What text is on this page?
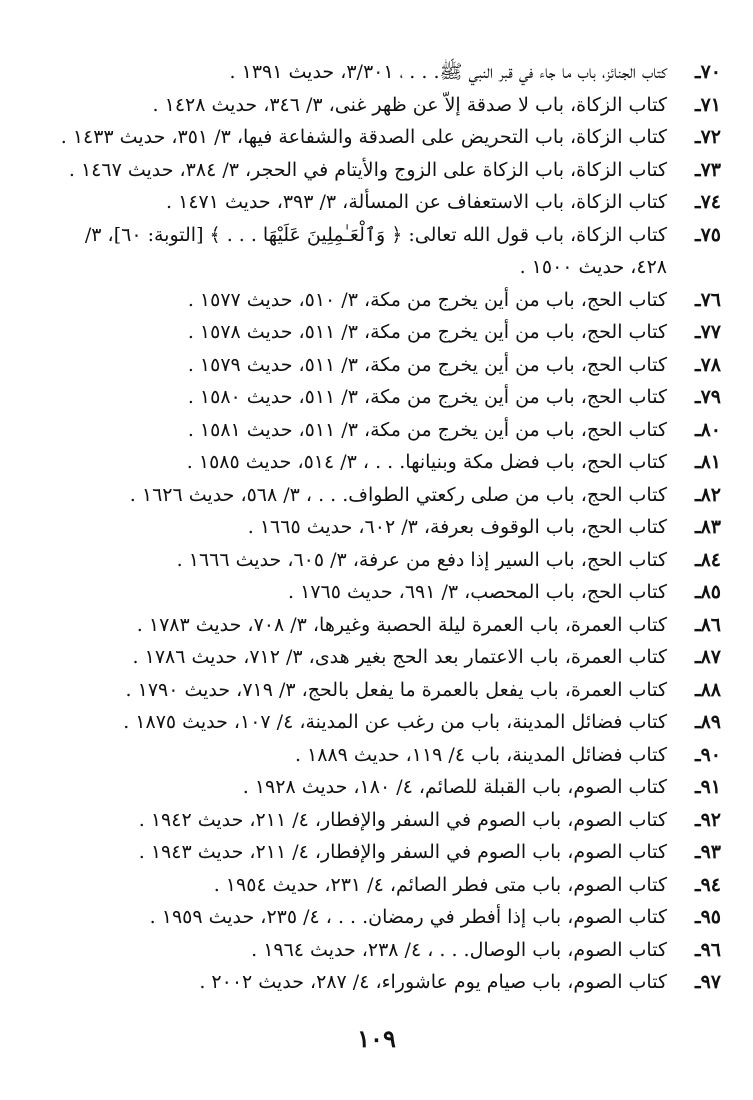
٧٠ـ
كتاب الجنائز، باب ما جاء في قبر النبي ﷺ. . . ، ٣/٣٠١، حديث ١٣٩١ .
٧١ـ
كتاب الزكاة، باب لا صدقة إلاّ عن ظهر غنى، ٣/ ٣٤٦، حديث ١٤٢٨ .
٧٢ـ
كتاب الزكاة، باب التحريض على الصدقة والشفاعة فيها، ٣/ ٣٥١، حديث ١٤٣٣ .
٧٣ـ
كتاب الزكاة، باب الزكاة على الزوج والأيتام في الحجر، ٣/ ٣٨٤، حديث ١٤٦٧ .
٧٤ـ
كتاب الزكاة، باب الاستعفاف عن المسألة، ٣/ ٣٩٣، حديث ١٤٧١ .
٧٥ـ
كتاب الزكاة، باب قول الله تعالى: ﴿ وَٱلْعَـٰمِلِينَ عَلَيْهَا . . . ﴾ [التوبة: ٦٠]، ٣/ ٤٢٨، حديث ١٥٠٠ .
٧٦ـ
كتاب الحج، باب من أين يخرج من مكة، ٣/ ٥١٠، حديث ١٥٧٧ .
٧٧ـ
كتاب الحج، باب من أين يخرج من مكة، ٣/ ٥١١، حديث ١٥٧٨ .
٧٨ـ
كتاب الحج، باب من أين يخرج من مكة، ٣/ ٥١١، حديث ١٥٧٩ .
٧٩ـ
كتاب الحج، باب من أين يخرج من مكة، ٣/ ٥١١، حديث ١٥٨٠ .
٨٠ـ
كتاب الحج، باب من أين يخرج من مكة، ٣/ ٥١١، حديث ١٥٨١ .
٨١ـ
كتاب الحج، باب فضل مكة وبنيانها. . . ، ٣/ ٥١٤، حديث ١٥٨٥ .
٨٢ـ
كتاب الحج، باب من صلى ركعتي الطواف. . . ، ٣/ ٥٦٨، حديث ١٦٢٦ .
٨٣ـ
كتاب الحج، باب الوقوف بعرفة، ٣/ ٦٠٢، حديث ١٦٦٥ .
٨٤ـ
كتاب الحج، باب السير إذا دفع من عرفة، ٣/ ٦٠٥، حديث ١٦٦٦ .
٨٥ـ
كتاب الحج، باب المحصب، ٣/ ٦٩١، حديث ١٧٦٥ .
٨٦ـ
كتاب العمرة، باب العمرة ليلة الحصبة وغيرها، ٣/ ٧٠٨، حديث ١٧٨٣ .
٨٧ـ
كتاب العمرة، باب الاعتمار بعد الحج بغير هدى، ٣/ ٧١٢، حديث ١٧٨٦ .
٨٨ـ
كتاب العمرة، باب يفعل بالعمرة ما يفعل بالحج، ٣/ ٧١٩، حديث ١٧٩٠ .
٨٩ـ
كتاب فضائل المدينة، باب من رغب عن المدينة، ٤/ ١٠٧، حديث ١٨٧٥ .
٩٠ـ
كتاب فضائل المدينة، باب ٤/ ١١٩، حديث ١٨٨٩ .
٩١ـ
كتاب الصوم، باب القبلة للصائم، ٤/ ١٨٠، حديث ١٩٢٨ .
٩٢ـ
كتاب الصوم، باب الصوم في السفر والإفطار، ٤/ ٢١١، حديث ١٩٤٢ .
٩٣ـ
كتاب الصوم، باب الصوم في السفر والإفطار، ٤/ ٢١١، حديث ١٩٤٣ .
٩٤ـ
كتاب الصوم، باب متى فطر الصائم، ٤/ ٢٣١، حديث ١٩٥٤ .
٩٥ـ
كتاب الصوم، باب إذا أفطر في رمضان. . . ، ٤/ ٢٣٥، حديث ١٩٥٩ .
٩٦ـ
كتاب الصوم، باب الوصال. . . ، ٤/ ٢٣٨، حديث ١٩٦٤ .
٩٧ـ
كتاب الصوم، باب صيام يوم عاشوراء، ٤/ ٢٨٧، حديث ٢٠٠٢ .
١٠٩
